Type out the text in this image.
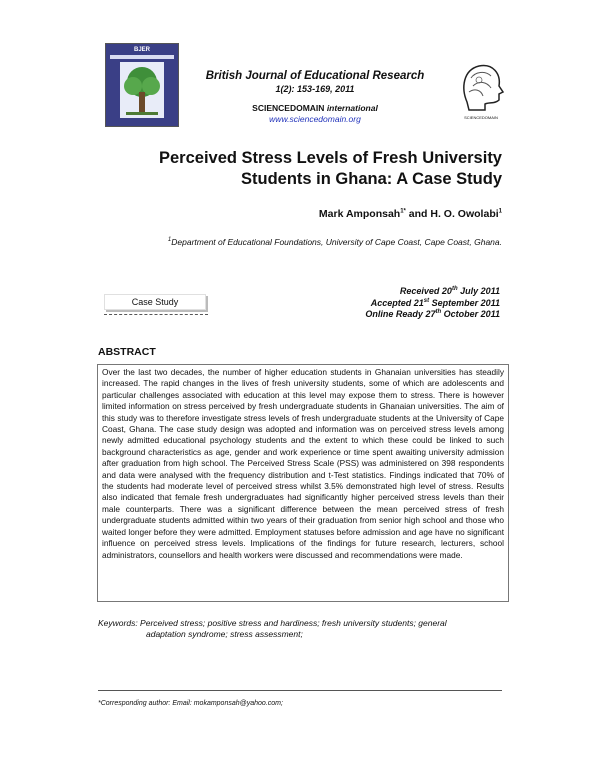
BJER
British Journal of Educational Research
1(2): 153-169, 2011
SCIENCEDOMAIN international
www.sciencedomain.org	SCIENCEDOMAIN
Perceived Stress Levels of Fresh University
Students in Ghana: A Case Study
Mark Amponsah$^{1*}$ and H. O. Owolabi$^1$
$^1$Department of Educational Foundations, University of Cape Coast, Cape Coast, Ghana.
Case Study
Received 20th July 2011
Accepted 21st September 2011
Online Ready 27th October 2011
ABSTRACT

Over the last two decades, the number of higher education students in Ghanaian universities has steadily increased. The rapid changes in the lives of fresh university students, some of which are adolescents and particular challenges associated with education at this level may expose them to stress. There is however limited information on stress perceived by fresh undergraduate students in Ghanaian universities. The aim of this study was to therefore investigate stress levels of fresh undergraduate students at the University of Cape Coast, Ghana. The case study design was adopted and information was on perceived stress levels among newly admitted educational psychology students and the extent to which these could be linked to such background characteristics as age, gender and work experience or time spent awaiting university admission after graduation from high school. The Perceived Stress Scale (PSS) was administered on 398 respondents and data were analysed with the frequency distribution and t-Test statistics. Findings indicated that 70% of the students had moderate level of perceived stress whilst 3.5% demonstrated high level of stress. Results also indicated that female fresh undergraduates had significantly higher perceived stress levels than their male counterparts. There was a significant difference between the mean perceived stress of fresh undergraduate students admitted within two years of their graduation from senior high school and those who waited longer before they were admitted. Employment statuses before admission and age have no significant influence on perceived stress levels. Implications of the findings for future research, lecturers, school administrators, counsellors and health workers were discussed and recommendations were made.

Keywords: Perceived stress; positive stress and hardiness; fresh university students; general
adaptation syndrome; stress assessment;
*Corresponding author: Email: mokamponsah@yahoo.com;
